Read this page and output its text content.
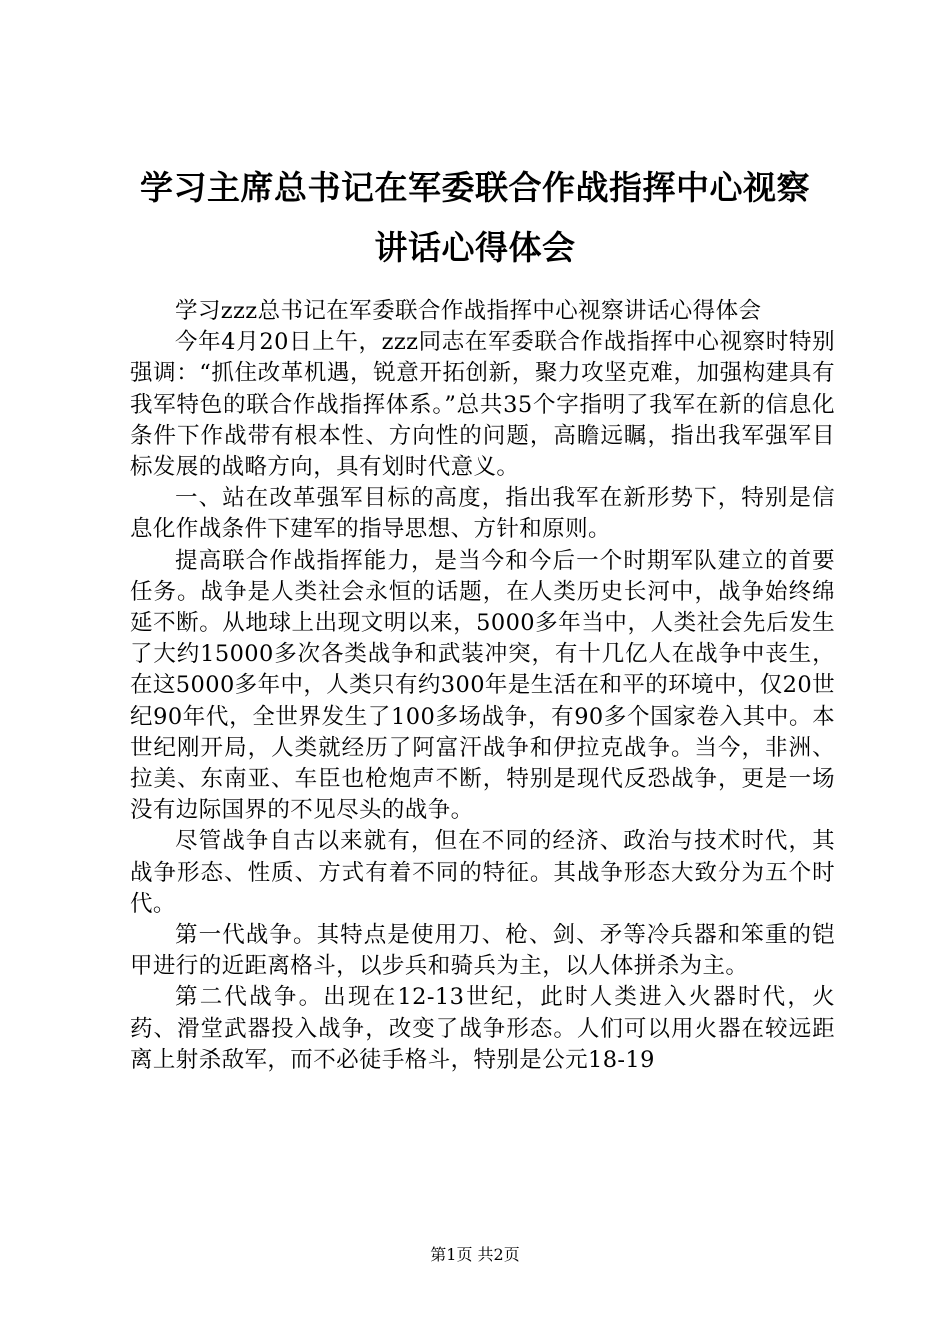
学习主席总书记在军委联合作战指挥中心视察
讲话心得体会

学习zzz总书记在军委联合作战指挥中心视察讲话心得体会

今年4月20日上午，zzz同志在军委联合作战指挥中心视察时特别强调：“抓住改革机遇，锐意开拓创新，聚力攻坚克难，加强构建具有我军特色的联合作战指挥体系。”总共35个字指明了我军在新的信息化条件下作战带有根本性、方向性的问题，高瞻远瞩，指出我军强军目标发展的战略方向，具有划时代意义。

一、站在改革强军目标的高度，指出我军在新形势下，特别是信息化作战条件下建军的指导思想、方针和原则。

提高联合作战指挥能力，是当今和今后一个时期军队建立的首要任务。战争是人类社会永恒的话题，在人类历史长河中，战争始终绵延不断。从地球上出现文明以来，5000多年当中，人类社会先后发生了大约15000多次各类战争和武装冲突，有十几亿人在战争中丧生，在这5000多年中，人类只有约300年是生活在和平的环境中，仅20世纪90年代，全世界发生了100多场战争，有90多个国家卷入其中。本世纪刚开局，人类就经历了阿富汗战争和伊拉克战争。当今，非洲、拉美、东南亚、车臣也枪炮声不断，特别是现代反恐战争，更是一场没有边际国界的不见尽头的战争。

尽管战争自古以来就有，但在不同的经济、政治与技术时代，其战争形态、性质、方式有着不同的特征。其战争形态大致分为五个时代。

第一代战争。其特点是使用刀、枪、剑、矛等冷兵器和笨重的铠甲进行的近距离格斗，以步兵和骑兵为主，以人体拼杀为主。

第二代战争。出现在12-13世纪，此时人类进入火器时代，火药、滑堂武器投入战争，改变了战争形态。人们可以用火器在较远距离上射杀敌军，而不必徒手格斗，特别是公元18-19

第1页 共2页
